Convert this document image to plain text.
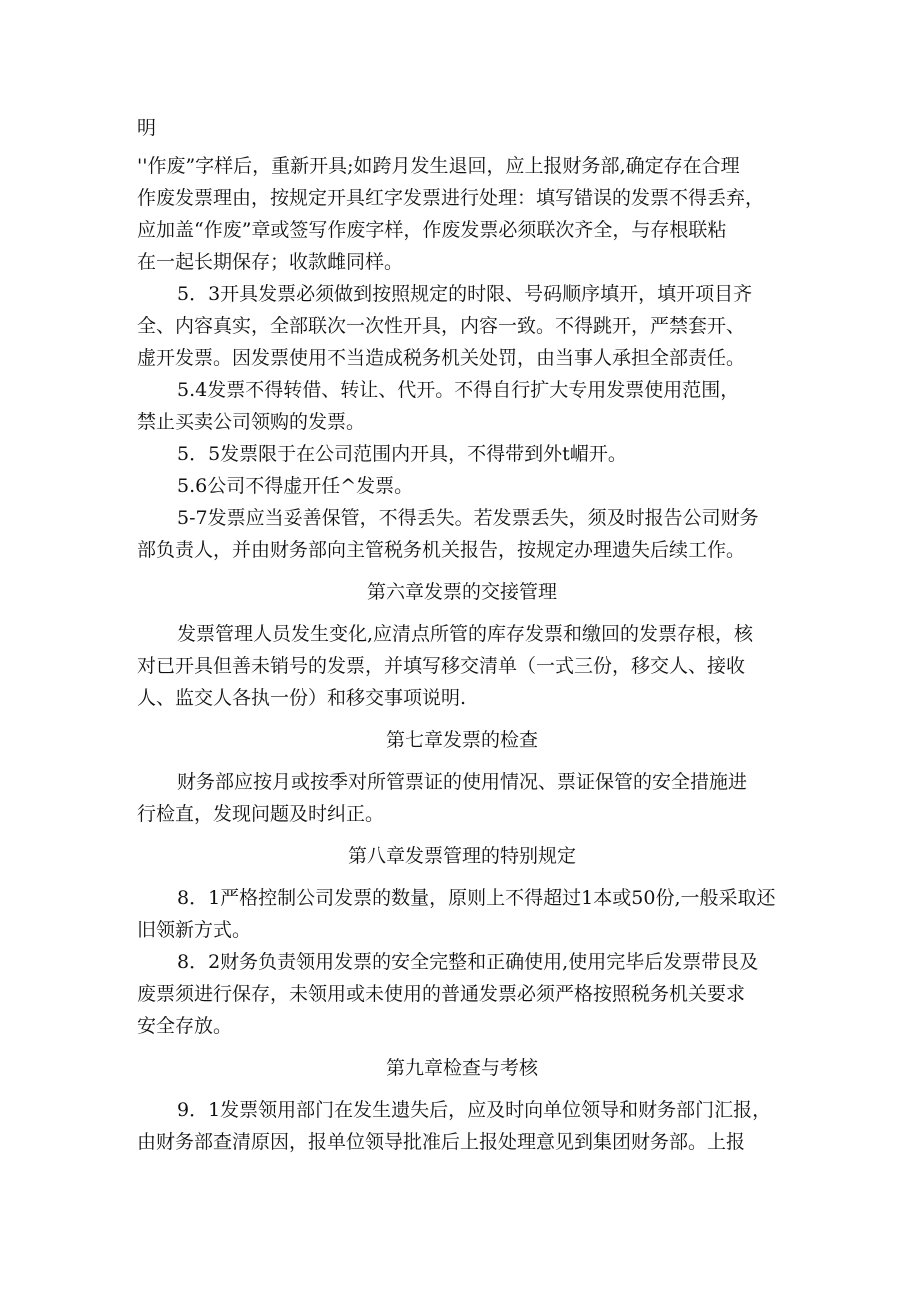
明
''作废”字样后，重新开具;如跨月发生退回，应上报财务部,确定存在合理
作废发票理由，按规定开具红字发票进行处理：填写错误的发票不得丢弃，
应加盖“作废”章或签写作废字样，作废发票必须联次齐全，与存根联粘
在一起长期保存；收款雌同样。
5．3开具发票必须做到按照规定的时限、号码顺序填开，填开项目齐
全、内容真实，全部联次一次性开具，内容一致。不得跳开，严禁套开、
虚开发票。因发票使用不当造成税务机关处罚，由当事人承担全部责任。
5.4发票不得转借、转让、代开。不得自行扩大专用发票使用范围，
禁止买卖公司领购的发票。
5．5发票限于在公司范围内开具，不得带到外t嵋开。
5.6公司不得虚开任^发票。
5-7发票应当妥善保管，不得丢失。若发票丢失，须及时报告公司财务
部负责人，并由财务部向主管税务机关报告，按规定办理遗失后续工作。
第六章发票的交接管理
发票管理人员发生变化,应清点所管的库存发票和缴回的发票存根，核
对已开具但善未销号的发票，并填写移交清单（一式三份，移交人、接收
人、监交人各执一份）和移交事项说明.
第七章发票的检查
财务部应按月或按季对所管票证的使用情况、票证保管的安全措施进
行检直，发现问题及时纠正。
第八章发票管理的特别规定
8．1严格控制公司发票的数量，原则上不得超过1本或50份,一般采取还
旧领新方式。
8．2财务负责领用发票的安全完整和正确使用,使用完毕后发票带艮及
废票须进行保存，未领用或未使用的普通发票必须严格按照税务机关要求
安全存放。
第九章检查与考核
9．1发票领用部门在发生遗失后，应及时向单位领导和财务部门汇报，
由财务部查清原因，报单位领导批准后上报处理意见到集团财务部。上报
